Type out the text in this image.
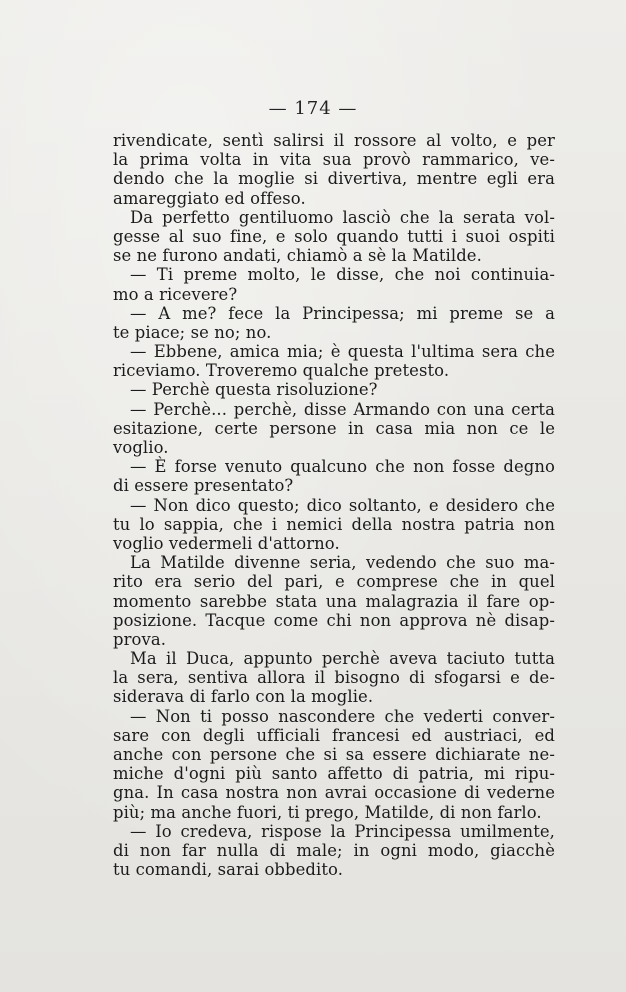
— 174 —
rivendicate, sentì salirsi il rossore al volto, e per
la prima volta in vita sua provò rammarico, ve-
dendo che la moglie si divertiva, mentre egli era
amareggiato ed offeso.
Da perfetto gentiluomo lasciò che la serata vol-
gesse al suo fine, e solo quando tutti i suoi ospiti
se ne furono andati, chiamò a sè la Matilde.
— Ti preme molto, le disse, che noi continuia-
mo a ricevere?
— A me? fece la Principessa; mi preme se a
te piace; se no; no.
— Ebbene, amica mia; è questa l'ultima sera che
riceviamo. Troveremo qualche pretesto.
— Perchè questa risoluzione?
— Perchè... perchè, disse Armando con una certa
esitazione, certe persone in casa mia non ce le
voglio.
— È forse venuto qualcuno che non fosse degno
di essere presentato?
— Non dico questo; dico soltanto, e desidero che
tu lo sappia, che i nemici della nostra patria non
voglio vedermeli d'attorno.
La Matilde divenne seria, vedendo che suo ma-
rito era serio del pari, e comprese che in quel
momento sarebbe stata una malagrazia il fare op-
posizione. Tacque come chi non approva nè disap-
prova.
Ma il Duca, appunto perchè aveva taciuto tutta
la sera, sentiva allora il bisogno di sfogarsi e de-
siderava di farlo con la moglie.
— Non ti posso nascondere che vederti conver-
sare con degli ufficiali francesi ed austriaci, ed
anche con persone che si sa essere dichiarate ne-
miche d'ogni più santo affetto di patria, mi ripu-
gna. In casa nostra non avrai occasione di vederne
più; ma anche fuori, ti prego, Matilde, di non farlo.
— Io credeva, rispose la Principessa umilmente,
di non far nulla di male; in ogni modo, giacchè
tu comandi, sarai obbedito.
